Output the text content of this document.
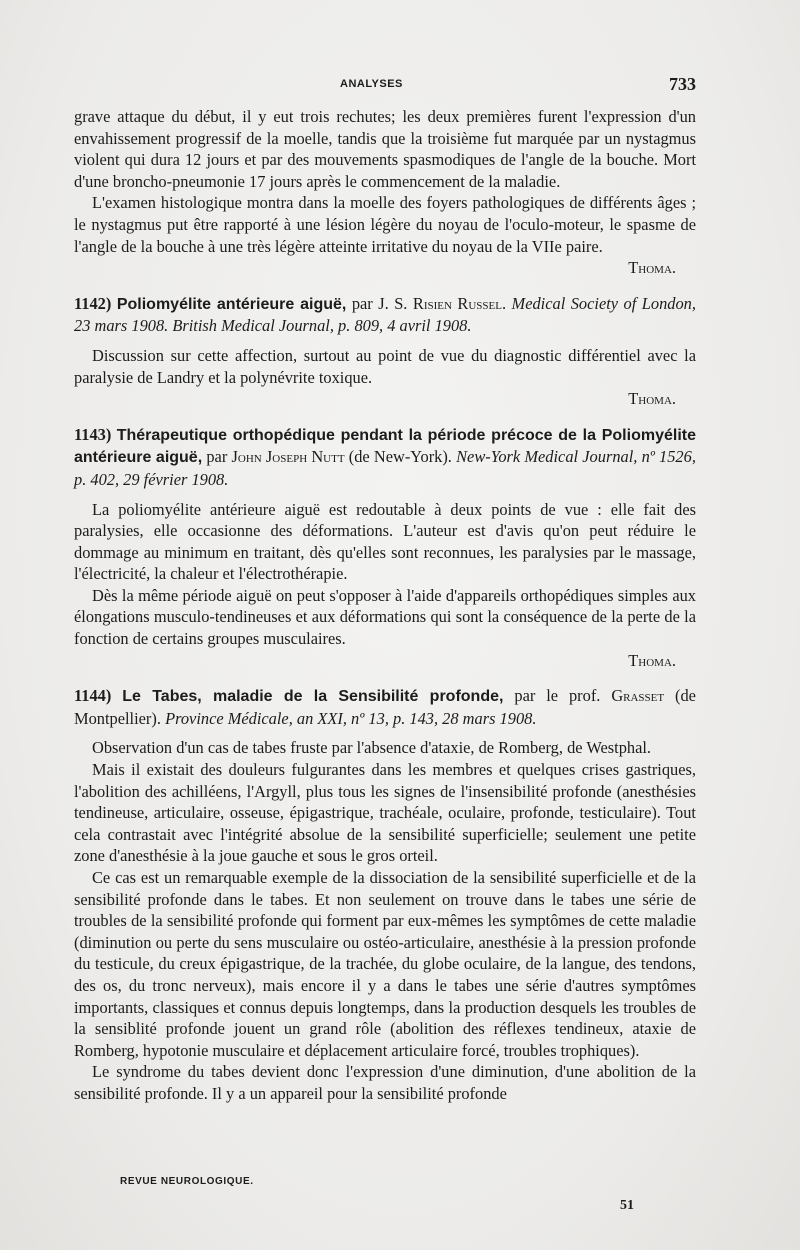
ANALYSES	733

grave attaque du début, il y eut trois rechutes; les deux premières furent l'expression d'un envahissement progressif de la moelle, tandis que la troisième fut marquée par un nystagmus violent qui dura 12 jours et par des mouvements spasmodiques de l'angle de la bouche. Mort d'une broncho-pneumonie 17 jours après le commencement de la maladie.

L'examen histologique montra dans la moelle des foyers pathologiques de différents âges ; le nystagmus put être rapporté à une lésion légère du noyau de l'oculo-moteur, le spasme de l'angle de la bouche à une très légère atteinte irritative du noyau de la VIIe paire.

Thoma.

1142) Poliomyélite antérieure aiguë, par J. S. Risien Russel. Medical Society of London, 23 mars 1908. British Medical Journal, p. 809, 4 avril 1908.

Discussion sur cette affection, surtout au point de vue du diagnostic différentiel avec la paralysie de Landry et la polynévrite toxique.

Thoma.

1143) Thérapeutique orthopédique pendant la période précoce de la Poliomyélite antérieure aiguë, par John Joseph Nutt (de New-York). New-York Medical Journal, nº 1526, p. 402, 29 février 1908.

La poliomyélite antérieure aiguë est redoutable à deux points de vue : elle fait des paralysies, elle occasionne des déformations. L'auteur est d'avis qu'on peut réduire le dommage au minimum en traitant, dès qu'elles sont reconnues, les paralysies par le massage, l'électricité, la chaleur et l'électrothérapie.

Dès la même période aiguë on peut s'opposer à l'aide d'appareils orthopédiques simples aux élongations musculo-tendineuses et aux déformations qui sont la conséquence de la perte de la fonction de certains groupes musculaires.

Thoma.

1144) Le Tabes, maladie de la Sensibilité profonde, par le prof. Grasset (de Montpellier). Province Médicale, an XXI, nº 13, p. 143, 28 mars 1908.

Observation d'un cas de tabes fruste par l'absence d'ataxie, de Romberg, de Westphal.

Mais il existait des douleurs fulgurantes dans les membres et quelques crises gastriques, l'abolition des achilléens, l'Argyll, plus tous les signes de l'insensibilité profonde (anesthésies tendineuse, articulaire, osseuse, épigastrique, trachéale, oculaire, profonde, testiculaire). Tout cela contrastait avec l'intégrité absolue de la sensibilité superficielle; seulement une petite zone d'anesthésie à la joue gauche et sous le gros orteil.

Ce cas est un remarquable exemple de la dissociation de la sensibilité superficielle et de la sensibilité profonde dans le tabes. Et non seulement on trouve dans le tabes une série de troubles de la sensibilité profonde qui forment par eux-mêmes les symptômes de cette maladie (diminution ou perte du sens musculaire ou ostéo-articulaire, anesthésie à la pression profonde du testicule, du creux épigastrique, de la trachée, du globe oculaire, de la langue, des tendons, des os, du tronc nerveux), mais encore il y a dans le tabes une série d'autres symptômes importants, classiques et connus depuis longtemps, dans la production desquels les troubles de la sensiblité profonde jouent un grand rôle (abolition des réflexes tendineux, ataxie de Romberg, hypotonie musculaire et déplacement articulaire forcé, troubles trophiques).

Le syndrome du tabes devient donc l'expression d'une diminution, d'une abolition de la sensibilité profonde. Il y a un appareil pour la sensibilité profonde

REVUE NEUROLOGIQUE.
51
